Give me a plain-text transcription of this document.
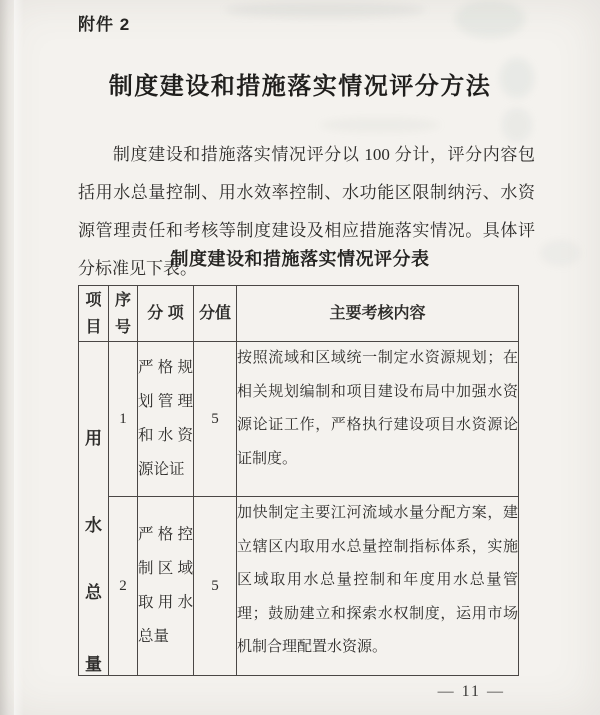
附件 2
制度建设和措施落实情况评分方法
制度建设和措施落实情况评分以 100 分计，评分内容包括用水总量控制、用水效率控制、水功能区限制纳污、水资源管理责任和考核等制度建设及相应措施落实情况。具体评分标准见下表。
制度建设和措施落实情况评分表
项目	序号	分 项	分值	主要考核内容

用
水
总
量	1	严格规划管理和水资源论证	5	按照流域和区域统一制定水资源规划；在相关规划编制和项目建设布局中加强水资源论证工作，严格执行建设项目水资源论证制度。
	2	严格控制区域取用水总量	5	加快制定主要江河流域水量分配方案，建立辖区内取用水总量控制指标体系，实施区域取用水总量控制和年度用水总量管理；鼓励建立和探索水权制度，运用市场机制合理配置水资源。
— 11 —
